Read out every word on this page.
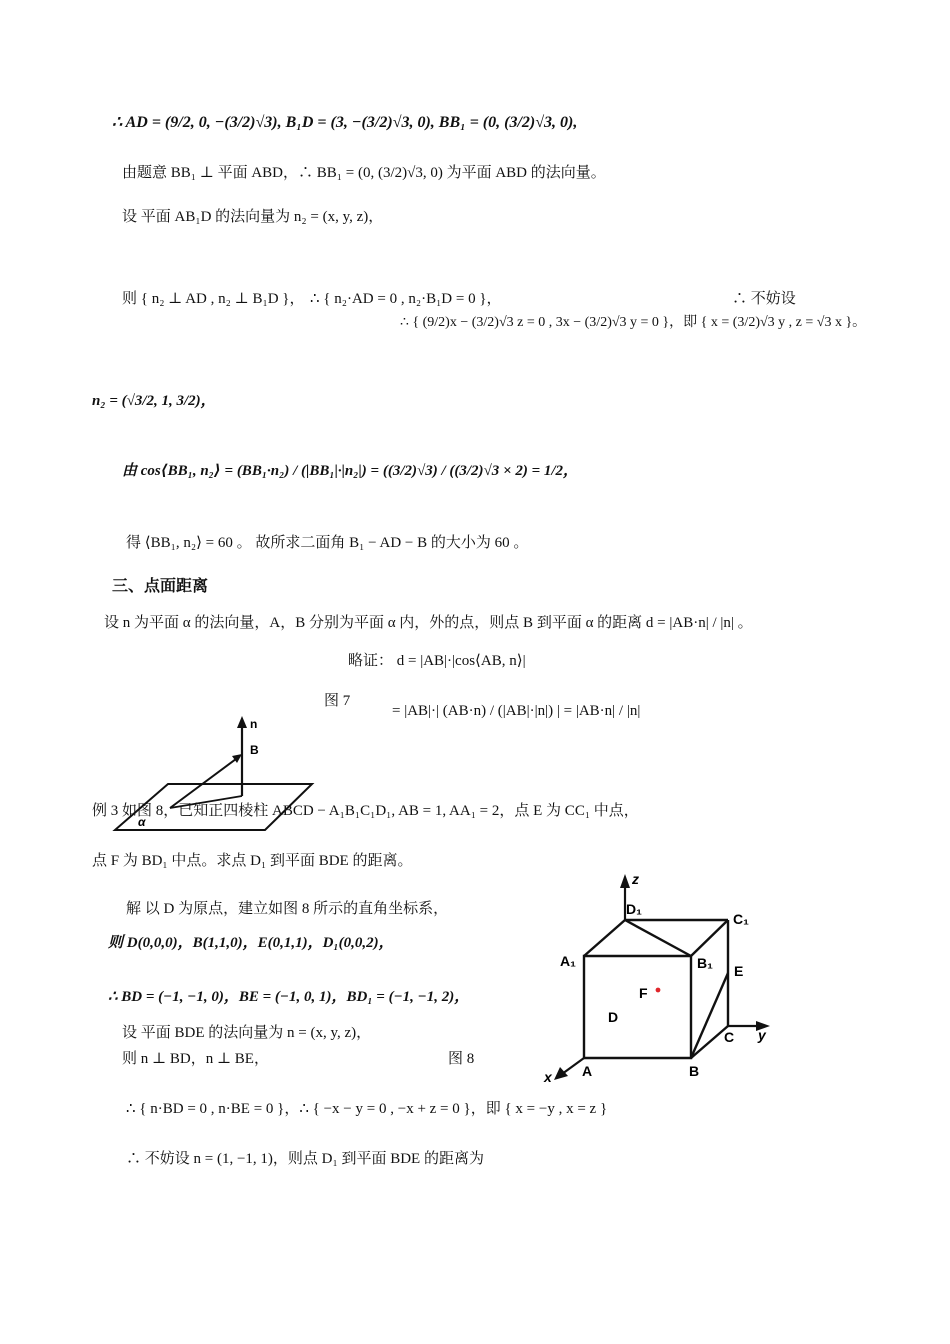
∴ AD = (9/2, 0, −(3/2)√3), B₁D = (3, −(3/2)√3, 0), BB₁ = (0, (3/2)√3, 0),
由题意 BB₁ ⊥ 平面 ABD，∴ BB₁ = (0, (3/2)√3, 0) 为平面 ABD 的法向量。
设 平面 AB₁D 的法向量为 n₂ = (x, y, z)，
则 { n₂ ⊥ AD , n₂ ⊥ B₁D }， ∴ { n₂·AD = 0 , n₂·B₁D = 0 }，
∴ { (9/2)x − (3/2)√3 z = 0 , 3x − (3/2)√3 y = 0 }，即 { x = (3/2)√3 y , z = √3 x }。
∴ 不妨设
n₂ = (√3/2, 1, 3/2)，
由 cos⟨BB₁, n₂⟩ = (BB₁·n₂) / (|BB₁|·|n₂|) = ((3/2)√3) / ((3/2)√3 × 2) = 1/2，
得 ⟨BB₁, n₂⟩ = 60 。 故所求二面角 B₁ − AD − B 的大小为 60 。
三、点面距离
设 n 为平面 α 的法向量，A，B 分别为平面 α 内，外的点，则点 B 到平面 α 的距离 d = |AB·n| / |n| 。
略证： d = |AB|·|cos⟨AB, n⟩|
图 7
= |AB|·| (AB·n) / (|AB|·|n|) | = |AB·n| / |n|
n
B
α
例 3 如图 8，已知正四棱柱 ABCD − A₁B₁C₁D₁, AB = 1, AA₁ = 2，点 E 为 CC₁ 中点，
点 F 为 BD₁ 中点。求点 D₁ 到平面 BDE 的距离。
解 以 D 为原点，建立如图 8 所示的直角坐标系，
则 D(0,0,0)，B(1,1,0)，E(0,1,1)，D₁(0,0,2)，
∴ BD = (−1, −1, 0)，BE = (−1, 0, 1)，BD₁ = (−1, −1, 2)，
设 平面 BDE 的法向量为 n = (x, y, z)，
则 n ⊥ BD，n ⊥ BE，	图 8
∴ { n·BD = 0 , n·BE = 0 }，∴ { −x − y = 0 , −x + z = 0 }，即 { x = −y , x = z }
∴ 不妨设 n = (1, −1, 1)，则点 D₁ 到平面 BDE 的距离为
z
y
x A	B
C
D
A₁	B₁
C₁
D₁
E
F
